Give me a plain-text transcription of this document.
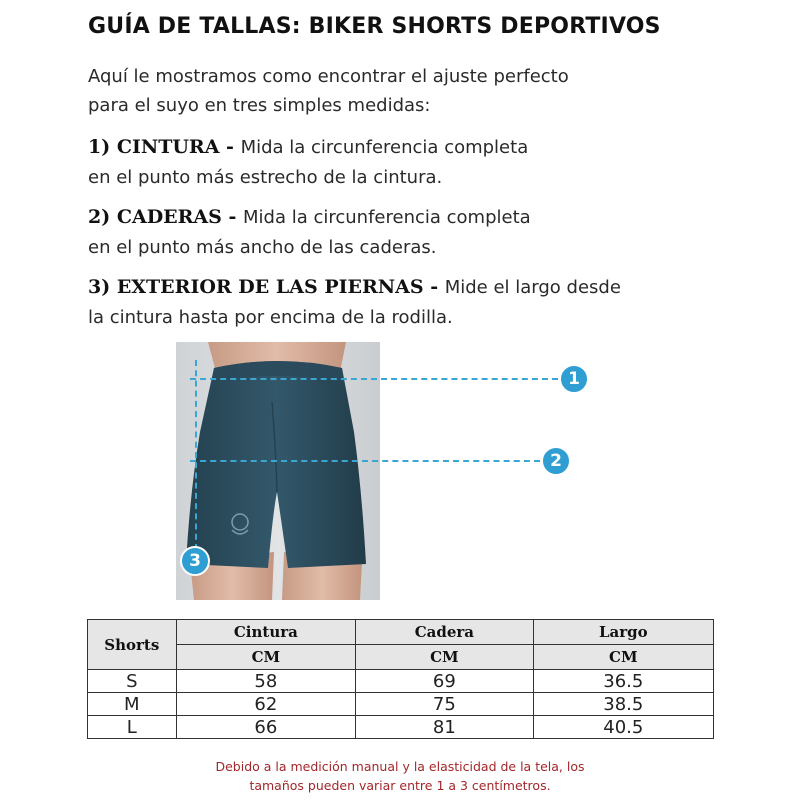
GUÍA DE TALLAS: BIKER SHORTS DEPORTIVOS
Aquí le mostramos como encontrar el ajuste perfecto
para el suyo en tres simples medidas:
1) CINTURA - Mida la circunferencia completa
en el punto más estrecho de la cintura.
2) CADERAS - Mida la circunferencia completa
en el punto más ancho de las caderas.
3) EXTERIOR DE LAS PIERNAS - Mide el largo desde
la cintura hasta por encima de la rodilla.
1
2
3
Shorts	Cintura	Cadera	Largo
	CM	CM	CM
S	58	69	36.5
M	62	75	38.5
L	66	81	40.5
Debido a la medición manual y la elasticidad de la tela, los
tamaños pueden variar entre 1 a 3 centímetros.
